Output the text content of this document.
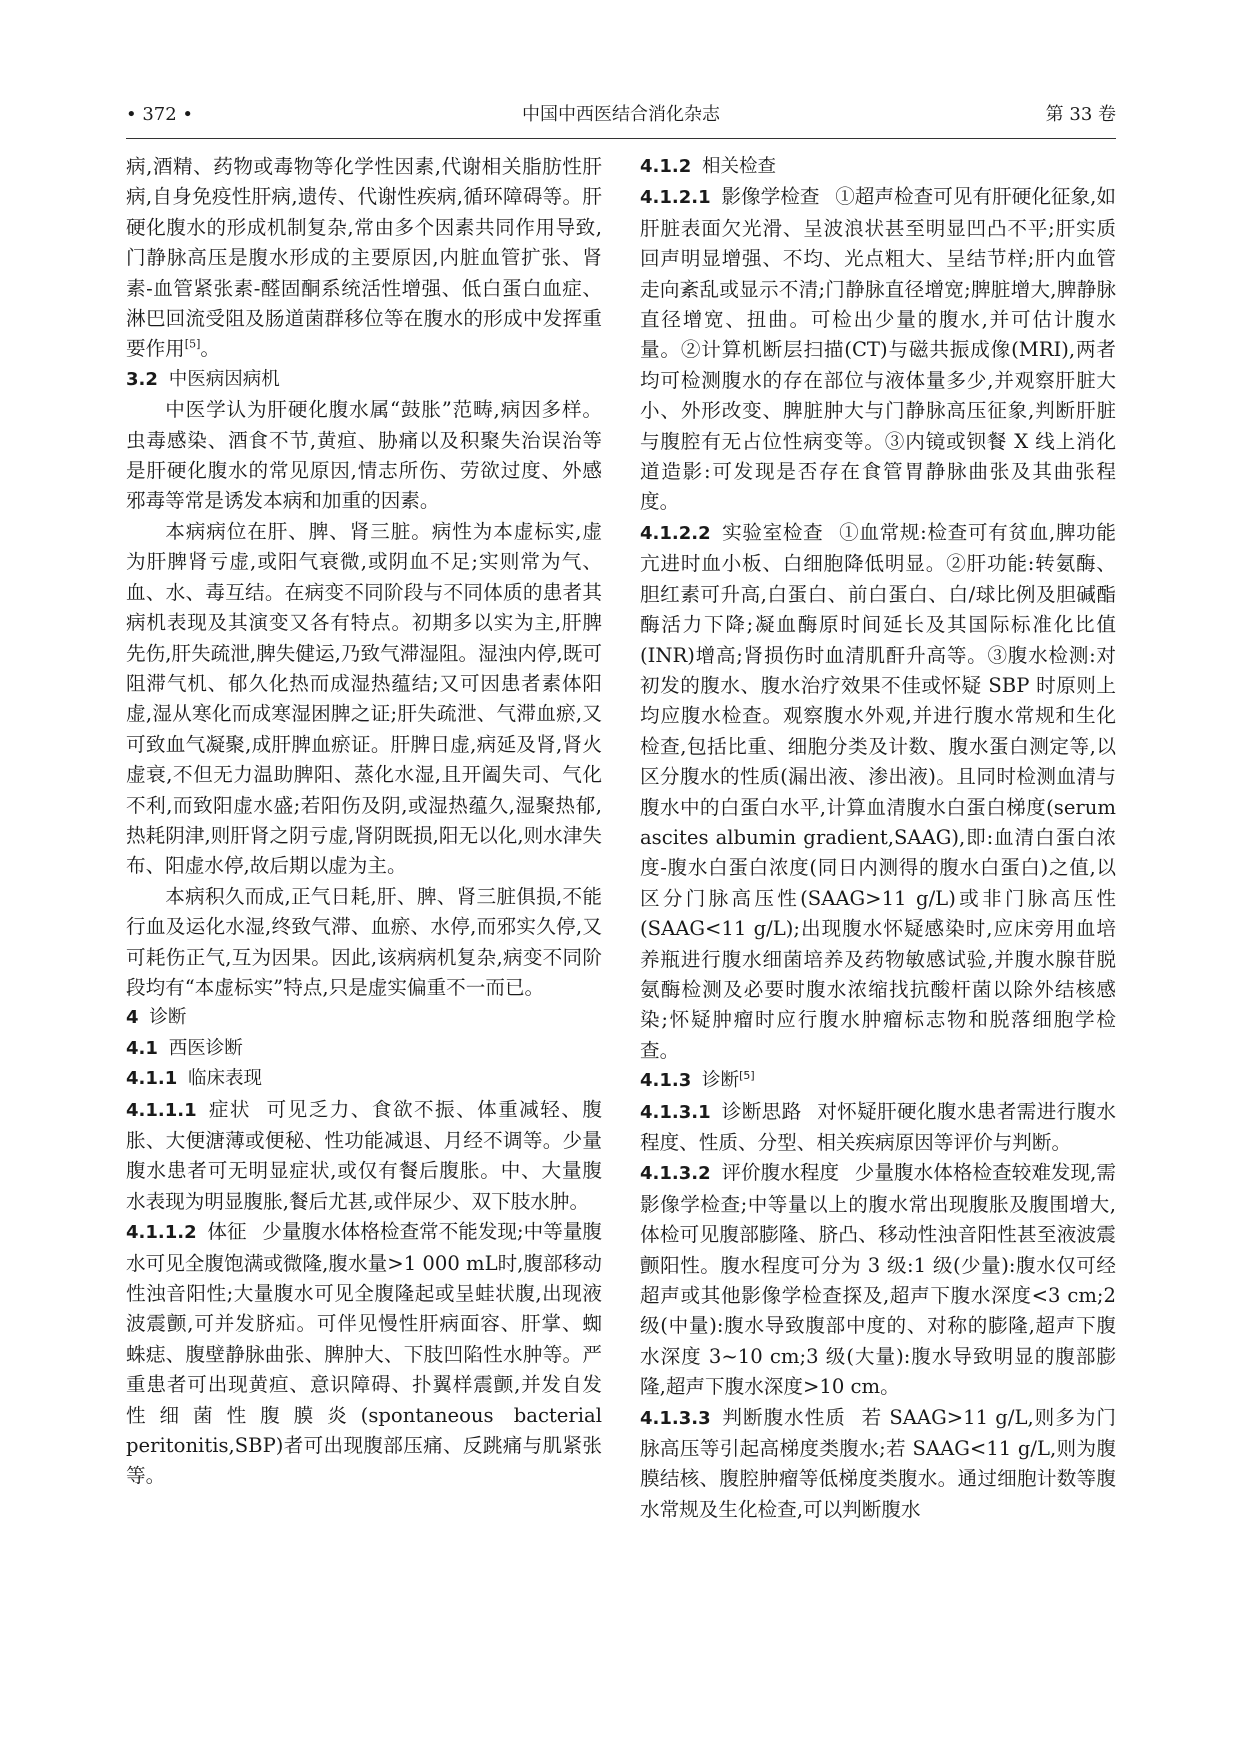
• 372 •	中国中西医结合消化杂志	第 33 卷

病,酒精、药物或毒物等化学性因素,代谢相关脂肪性肝病,自身免疫性肝病,遗传、代谢性疾病,循环障碍等。肝硬化腹水的形成机制复杂,常由多个因素共同作用导致,门静脉高压是腹水形成的主要原因,内脏血管扩张、肾素-血管紧张素-醛固酮系统活性增强、低白蛋白血症、淋巴回流受阻及肠道菌群移位等在腹水的形成中发挥重要作用[5]。

3.2 中医病因病机

中医学认为肝硬化腹水属“鼓胀”范畴,病因多样。虫毒感染、酒食不节,黄疸、胁痛以及积聚失治误治等是肝硬化腹水的常见原因,情志所伤、劳欲过度、外感邪毒等常是诱发本病和加重的因素。

本病病位在肝、脾、肾三脏。病性为本虚标实,虚为肝脾肾亏虚,或阳气衰微,或阴血不足;实则常为气、血、水、毒互结。在病变不同阶段与不同体质的患者其病机表现及其演变又各有特点。初期多以实为主,肝脾先伤,肝失疏泄,脾失健运,乃致气滞湿阻。湿浊内停,既可阻滞气机、郁久化热而成湿热蕴结;又可因患者素体阳虚,湿从寒化而成寒湿困脾之证;肝失疏泄、气滞血瘀,又可致血气凝聚,成肝脾血瘀证。肝脾日虚,病延及肾,肾火虚衰,不但无力温助脾阳、蒸化水湿,且开阖失司、气化不利,而致阳虚水盛;若阳伤及阴,或湿热蕴久,湿聚热郁,热耗阴津,则肝肾之阴亏虚,肾阴既损,阳无以化,则水津失布、阳虚水停,故后期以虚为主。

本病积久而成,正气日耗,肝、脾、肾三脏俱损,不能行血及运化水湿,终致气滞、血瘀、水停,而邪实久停,又可耗伤正气,互为因果。因此,该病病机复杂,病变不同阶段均有“本虚标实”特点,只是虚实偏重不一而已。

4 诊断

4.1 西医诊断

4.1.1 临床表现

4.1.1.1 症状 可见乏力、食欲不振、体重减轻、腹胀、大便溏薄或便秘、性功能减退、月经不调等。少量腹水患者可无明显症状,或仅有餐后腹胀。中、大量腹水表现为明显腹胀,餐后尤甚,或伴尿少、双下肢水肿。

4.1.1.2 体征 少量腹水体格检查常不能发现;中等量腹水可见全腹饱满或微隆,腹水量>1 000 mL时,腹部移动性浊音阳性;大量腹水可见全腹隆起或呈蛙状腹,出现液波震颤,可并发脐疝。可伴见慢性肝病面容、肝掌、蜘蛛痣、腹壁静脉曲张、脾肿大、下肢凹陷性水肿等。严重患者可出现黄疸、意识障碍、扑翼样震颤,并发自发性细菌性腹膜炎(spontaneous bacterial peritonitis,SBP)者可出现腹部压痛、反跳痛与肌紧张等。

4.1.2 相关检查

4.1.2.1 影像学检查 ①超声检查可见有肝硬化征象,如肝脏表面欠光滑、呈波浪状甚至明显凹凸不平;肝实质回声明显增强、不均、光点粗大、呈结节样;肝内血管走向紊乱或显示不清;门静脉直径增宽;脾脏增大,脾静脉直径增宽、扭曲。可检出少量的腹水,并可估计腹水量。②计算机断层扫描(CT)与磁共振成像(MRI),两者均可检测腹水的存在部位与液体量多少,并观察肝脏大小、外形改变、脾脏肿大与门静脉高压征象,判断肝脏与腹腔有无占位性病变等。③内镜或钡餐 X 线上消化道造影:可发现是否存在食管胃静脉曲张及其曲张程度。

4.1.2.2 实验室检查 ①血常规:检查可有贫血,脾功能亢进时血小板、白细胞降低明显。②肝功能:转氨酶、胆红素可升高,白蛋白、前白蛋白、白/球比例及胆碱酯酶活力下降;凝血酶原时间延长及其国际标准化比值(INR)增高;肾损伤时血清肌酐升高等。③腹水检测:对初发的腹水、腹水治疗效果不佳或怀疑 SBP 时原则上均应腹水检查。观察腹水外观,并进行腹水常规和生化检查,包括比重、细胞分类及计数、腹水蛋白测定等,以区分腹水的性质(漏出液、渗出液)。且同时检测血清与腹水中的白蛋白水平,计算血清腹水白蛋白梯度(serum ascites albumin gradient,SAAG),即:血清白蛋白浓度-腹水白蛋白浓度(同日内测得的腹水白蛋白)之值,以区分门脉高压性(SAAG>11 g/L)或非门脉高压性(SAAG<11 g/L);出现腹水怀疑感染时,应床旁用血培养瓶进行腹水细菌培养及药物敏感试验,并腹水腺苷脱氨酶检测及必要时腹水浓缩找抗酸杆菌以除外结核感染;怀疑肿瘤时应行腹水肿瘤标志物和脱落细胞学检查。

4.1.3 诊断[5]

4.1.3.1 诊断思路 对怀疑肝硬化腹水患者需进行腹水程度、性质、分型、相关疾病原因等评价与判断。

4.1.3.2 评价腹水程度 少量腹水体格检查较难发现,需影像学检查;中等量以上的腹水常出现腹胀及腹围增大,体检可见腹部膨隆、脐凸、移动性浊音阳性甚至液波震颤阳性。腹水程度可分为 3 级:1 级(少量):腹水仅可经超声或其他影像学检查探及,超声下腹水深度<3 cm;2 级(中量):腹水导致腹部中度的、对称的膨隆,超声下腹水深度 3~10 cm;3 级(大量):腹水导致明显的腹部膨隆,超声下腹水深度>10 cm。

4.1.3.3 判断腹水性质 若 SAAG>11 g/L,则多为门脉高压等引起高梯度类腹水;若 SAAG<11 g/L,则为腹膜结核、腹腔肿瘤等低梯度类腹水。通过细胞计数等腹水常规及生化检查,可以判断腹水
